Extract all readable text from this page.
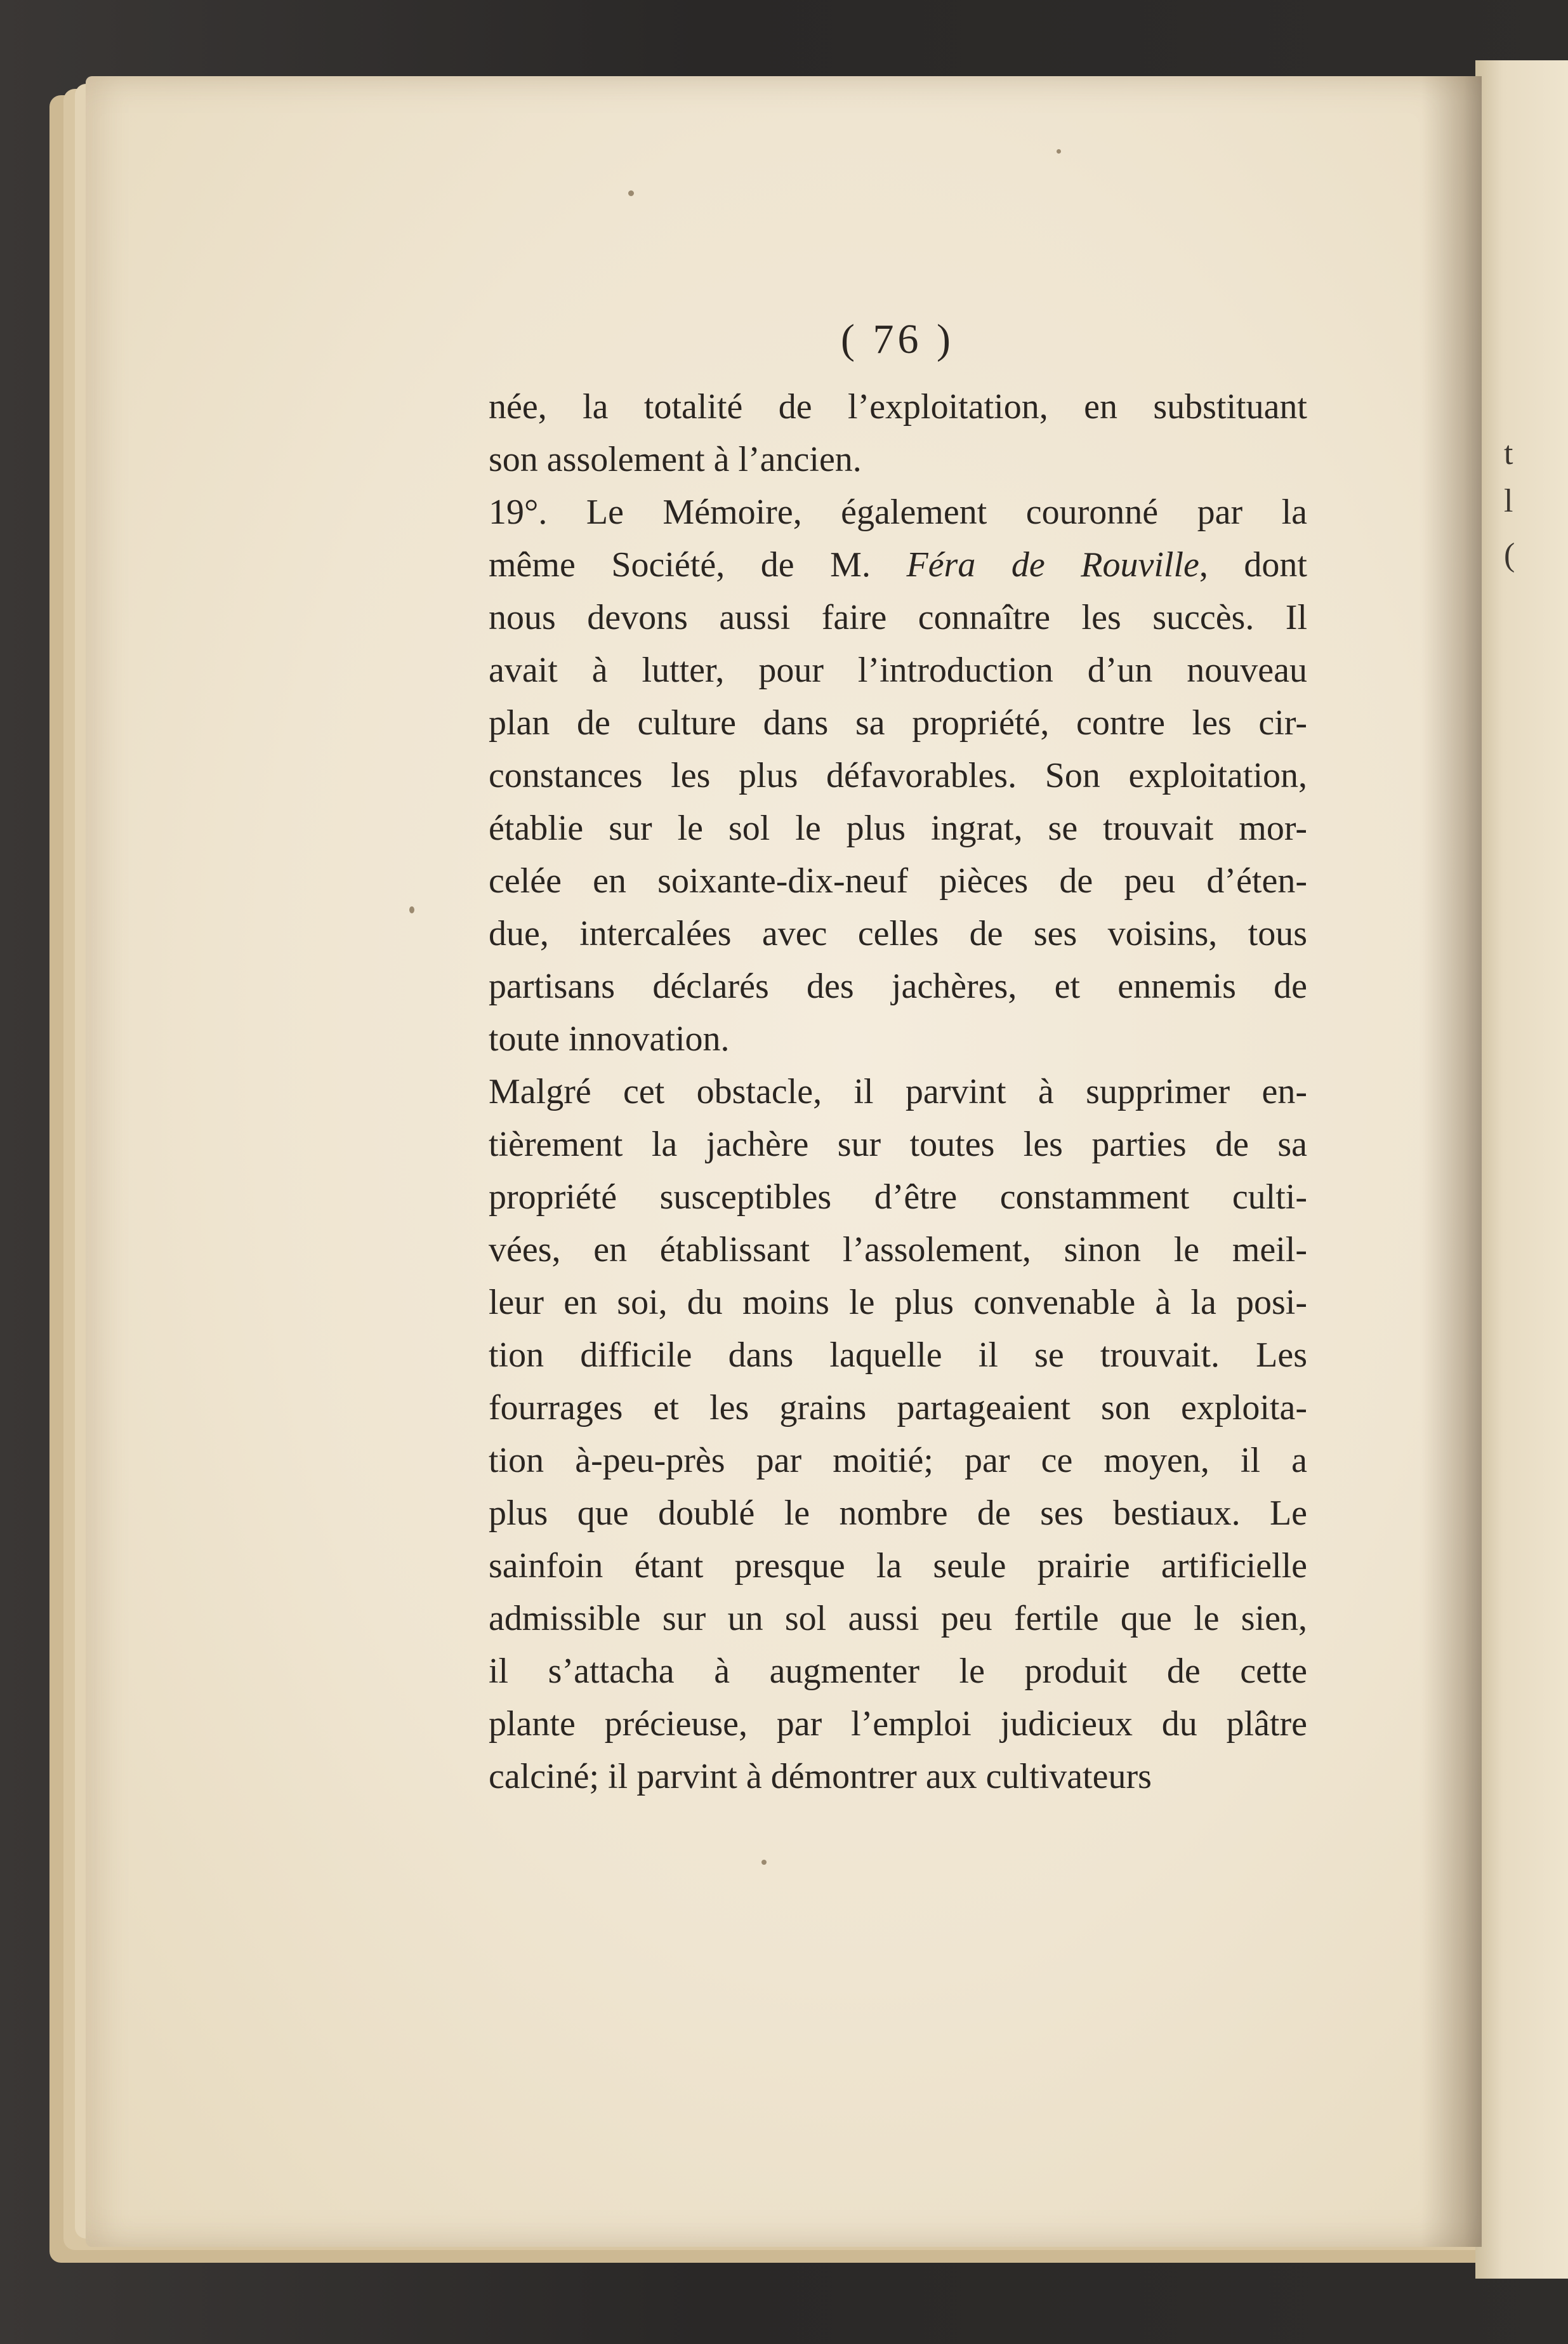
t
l
(
( 76 )
née, la totalité de l’exploitation, en substituant
son assolement à l’ancien.
19°. Le Mémoire, également couronné par la
même Société, de M. Féra de Rouville, dont
nous devons aussi faire connaître les succès. Il
avait à lutter, pour l’introduction d’un nouveau
plan de culture dans sa propriété, contre les cir-
constances les plus défavorables. Son exploitation,
établie sur le sol le plus ingrat, se trouvait mor-
celée en soixante-dix-neuf pièces de peu d’éten-
due, intercalées avec celles de ses voisins, tous
partisans déclarés des jachères, et ennemis de
toute innovation.
Malgré cet obstacle, il parvint à supprimer en-
tièrement la jachère sur toutes les parties de sa
propriété susceptibles d’être constamment culti-
vées, en établissant l’assolement, sinon le meil-
leur en soi, du moins le plus convenable à la posi-
tion difficile dans laquelle il se trouvait. Les
fourrages et les grains partageaient son exploita-
tion à-peu-près par moitié; par ce moyen, il a
plus que doublé le nombre de ses bestiaux. Le
sainfoin étant presque la seule prairie artificielle
admissible sur un sol aussi peu fertile que le sien,
il s’attacha à augmenter le produit de cette
plante précieuse, par l’emploi judicieux du plâtre
calciné; il parvint à démontrer aux cultivateurs
